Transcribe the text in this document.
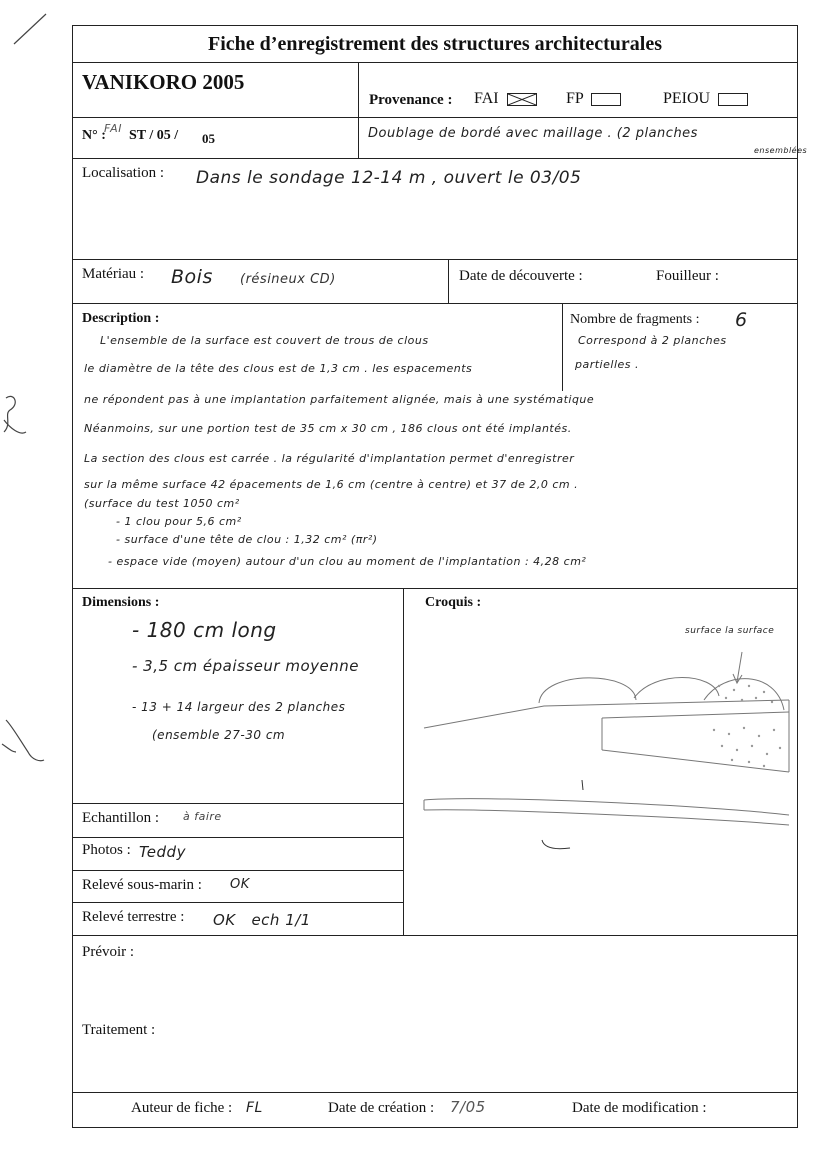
Fiche d’enregistrement des structures architecturales
VANIKORO 2005
Provenance : FAI	FP	PEIOU
N° :
FAI ST / 05 / 05	Doublage de bordé avec maillage . (2 planches
ensemblées
Localisation : Dans le sondage 12-14 m , ouvert le 03/05
Matériau : Bois (résineux CD)	Date de découverte :	Fouilleur :
Description :	Nombre de fragments : 6
Correspond à 2 planches
partielles .
L'ensemble de la surface est couvert de trous de clous
le diamètre de la tête des clous est de 1,3 cm . les espacements
ne répondent pas à une implantation parfaitement alignée, mais à une systématique
Néanmoins, sur une portion test de 35 cm x 30 cm , 186 clous ont été implantés.
La section des clous est carrée . la régularité d'implantation permet d'enregistrer
sur la même surface 42 épacements de 1,6 cm (centre à centre) et 37 de 2,0 cm .
(surface du test 1050 cm²
- 1 clou pour 5,6 cm²
- surface d'une tête de clou : 1,32 cm² (πr²)
- espace vide (moyen) autour d'un clou au moment de l'implantation : 4,28 cm²
Dimensions :
- 180 cm long
- 3,5 cm épaisseur moyenne
- 13 + 14 largeur des 2 planches
(ensemble 27-30 cm
Croquis :
surface la surface
Echantillon : à faire
Photos : Teddy
Relevé sous-marin : OK
Relevé terrestre : OK   ech 1/1
Prévoir :
Traitement :
Auteur de fiche : FL	Date de création : 7/05	Date de modification :
